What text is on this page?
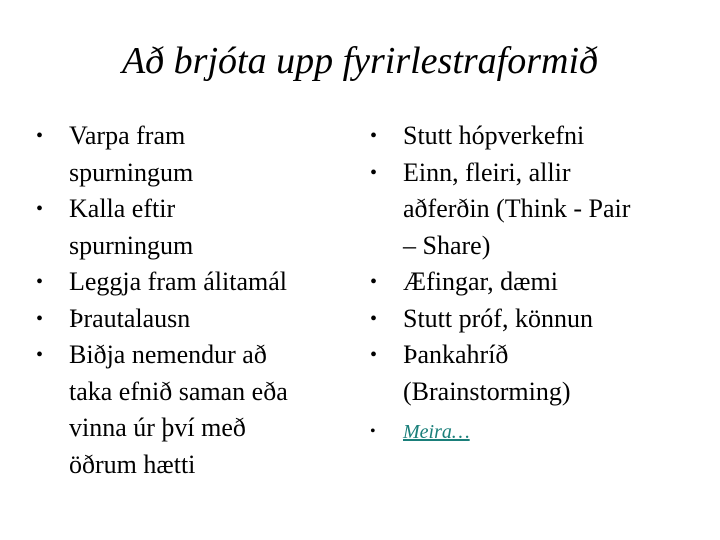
Að brjóta upp fyrirlestraformið
• Varpa fram
spurningum
• Kalla eftir
spurningum
• Leggja fram álitamál
• Þrautalausn
• Biðja nemendur að
taka efnið saman eða
vinna úr því með
öðrum hætti
• Stutt hópverkefni
• Einn, fleiri, allir
aðferðin (Think - Pair
– Share)
• Æfingar, dæmi
• Stutt próf, könnun
• Þankahríð
(Brainstorming)
•	Meira…
